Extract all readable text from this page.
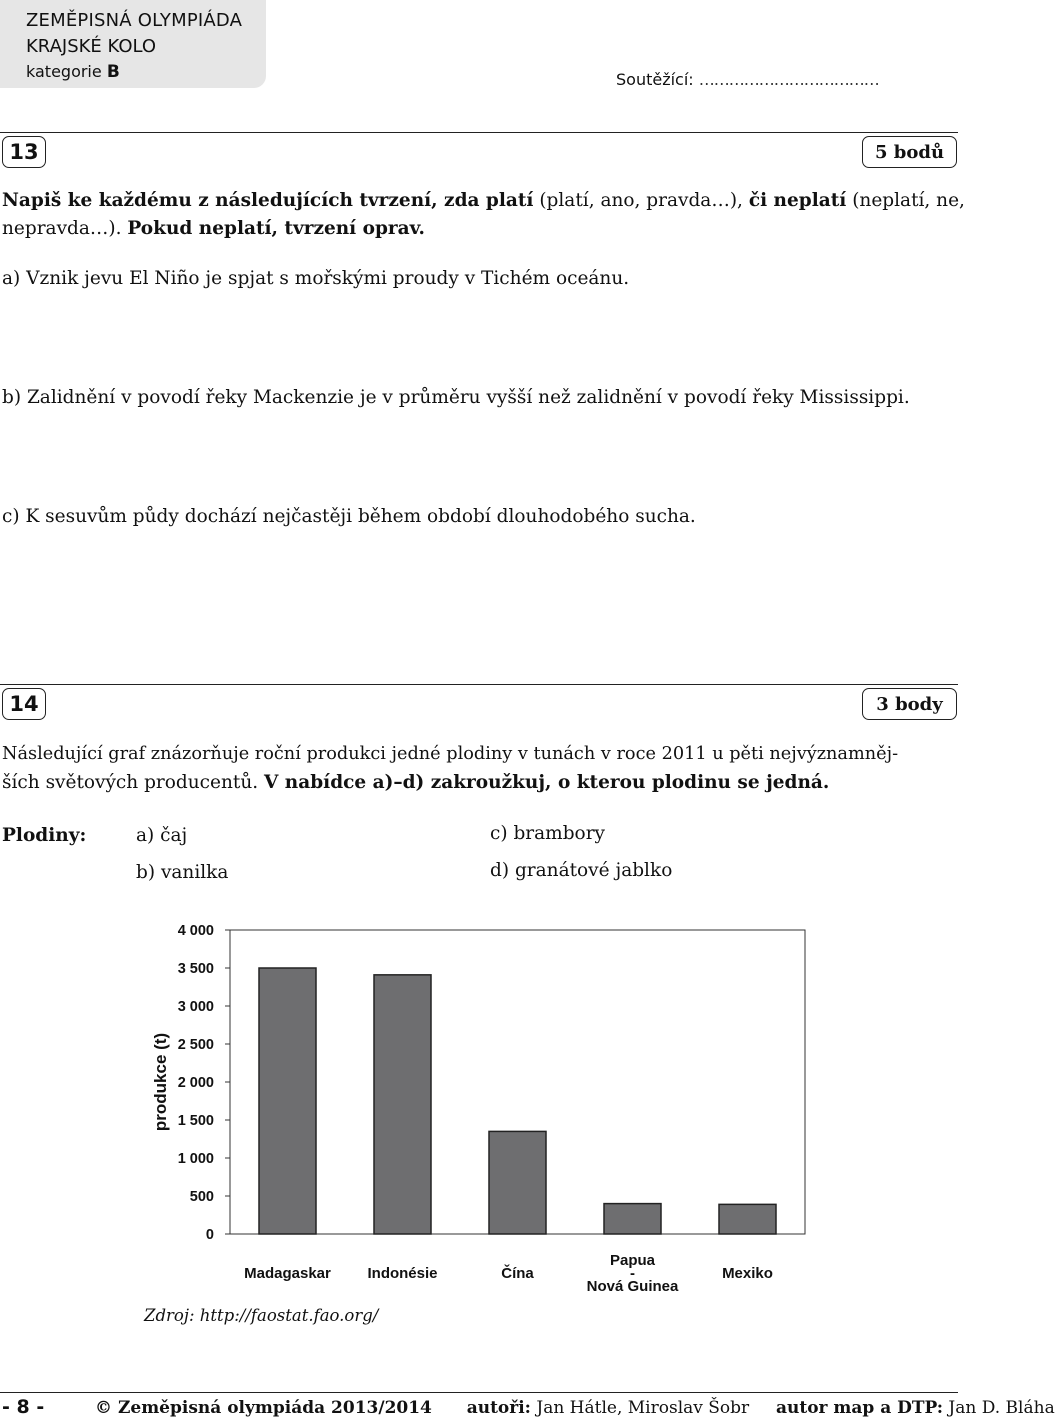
ZEMĚPISNÁ OLYMPIÁDA
KRAJSKÉ KOLO
kategorie B	Soutěžící: ………………………………
13	5 bodů
Napiš ke každému z následujících tvrzení, zda platí (platí, ano, pravda…), či neplatí (neplatí, ne,
nepravda…). Pokud neplatí, tvrzení oprav.
a) Vznik jevu El Niño je spjat s mořskými proudy v Tichém oceánu.
b) Zalidnění v povodí řeky Mackenzie je v průměru vyšší než zalidnění v povodí řeky Mississippi.
c) K sesuvům půdy dochází nejčastěji během období dlouhodobého sucha.
14	3 body
Následující graf znázorňuje roční produkci jedné plodiny v tunách v roce 2011 u pěti nejvýznamněj-
ších světových producentů. V nabídce a)–d) zakroužkuj, o kterou plodinu se jedná.
Plodiny:	a) čaj
b) vanilka
c) brambory
d) granátové jablko
produkce (t)
0
500
1 000
1 500
2 000
2 500
3 000
3 500
4 000
Madagaskar Indonésie	Čína
Papua
-
Nová Guinea
Mexiko
Zdroj: http://faostat.fao.org/
- 8 -	© Zeměpisná olympiáda 2013/2014 autoři: Jan Hátle, Miroslav Šobr autor map a DTP: Jan D. Bláha
